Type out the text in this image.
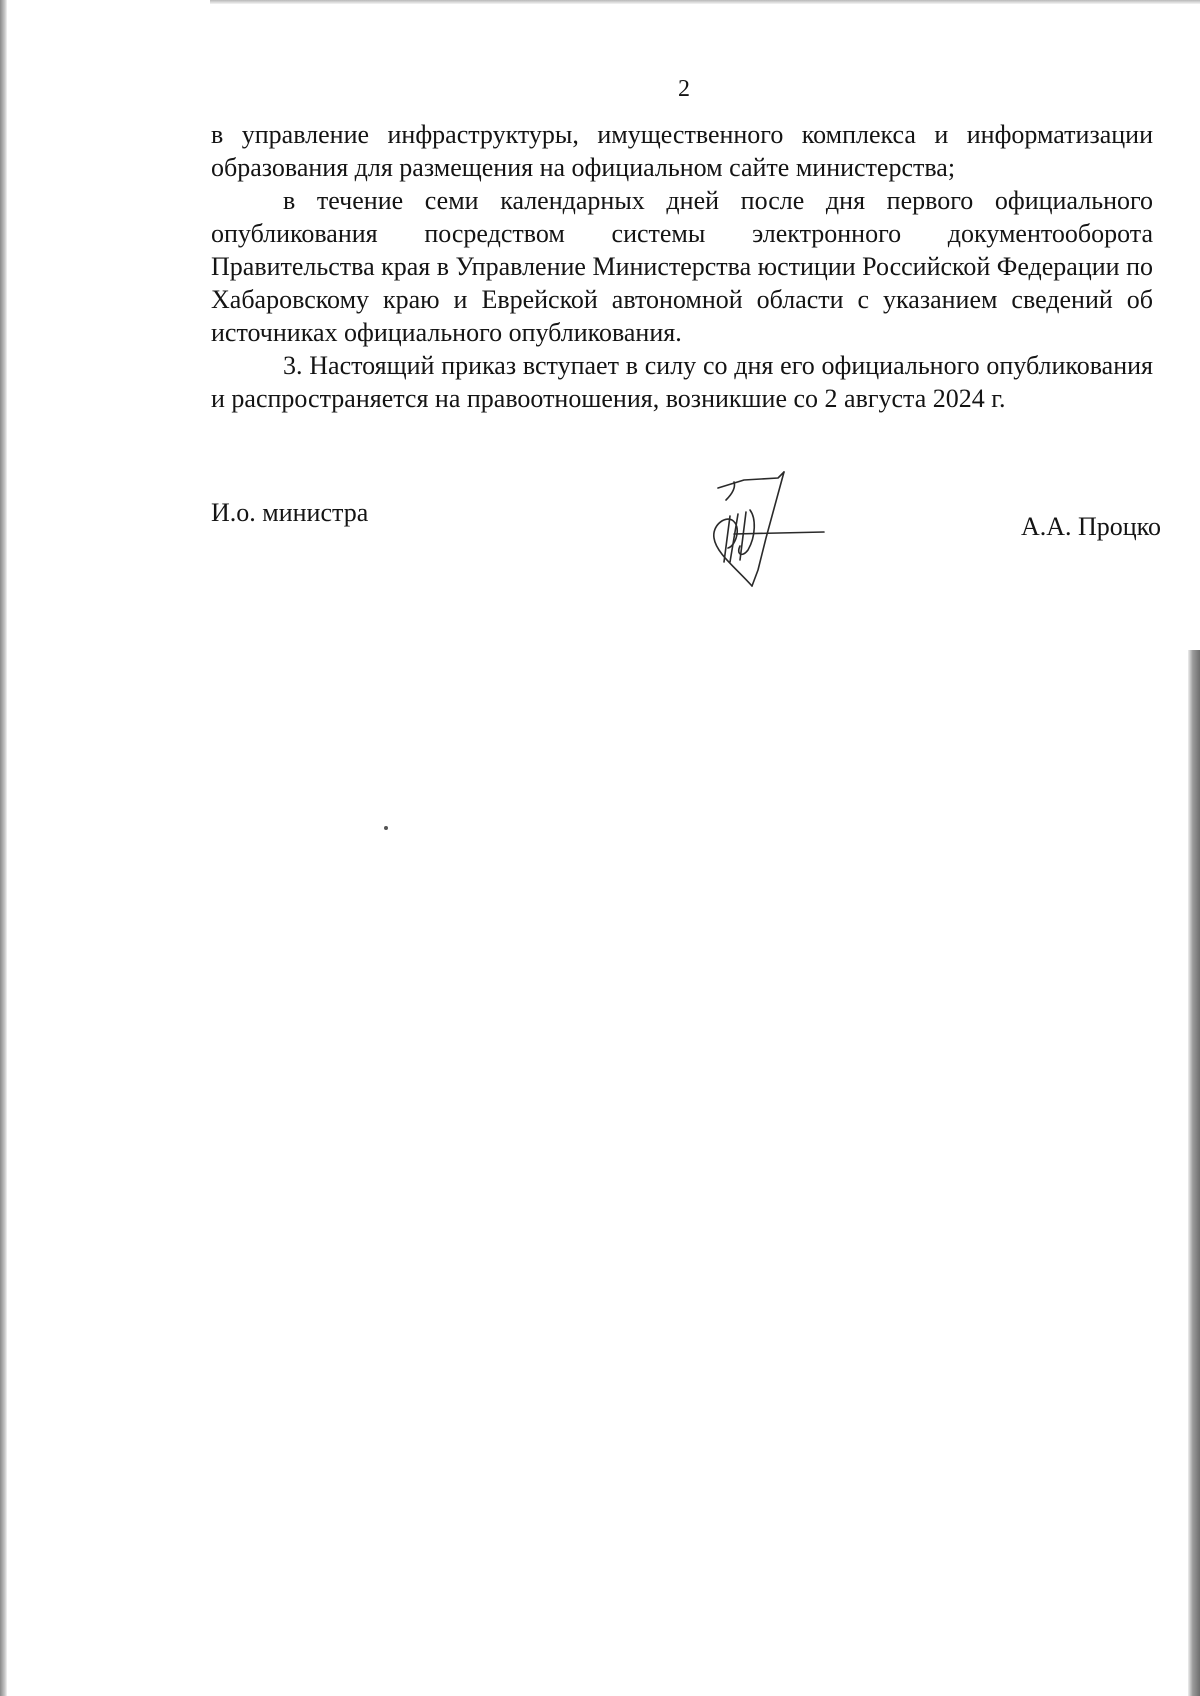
2

в управление инфраструктуры, имущественного комплекса и информатизации образования для размещения на официальном сайте министерства;

в течение семи календарных дней после дня первого официального опубликования посредством системы электронного документооборота Правительства края в Управление Министерства юстиции Российской Федерации по Хабаровскому краю и Еврейской автономной области с указанием сведений об источниках официального опубликования.

3. Настоящий приказ вступает в силу со дня его официального опубликования и распространяется на правоотношения, возникшие со 2 августа 2024 г.

И.о. министра	А.А. Процко
